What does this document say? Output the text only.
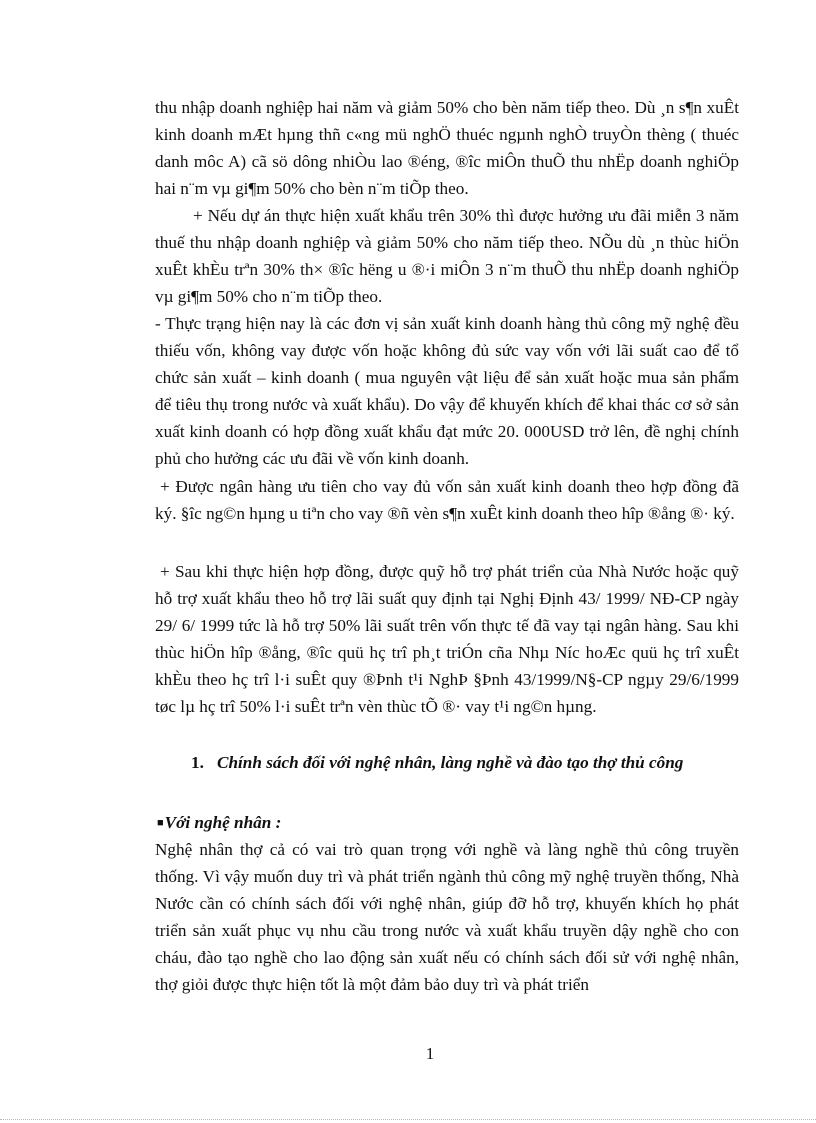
thu nhập doanh nghiệp hai năm và giảm 50% cho bèn năm tiếp theo. Dù ¸n s¶n xuÊt kinh doanh mÆt hµng thñ c«ng mü nghÖ thuéc ngµnh nghÒ truyÒn thèng ( thuéc danh môc A) cã sö dông nhiÒu lao ®éng, ®îc miÔn thuÕ thu nhËp doanh nghiÖp hai n¨m vµ gi¶m 50% cho bèn n¨m tiÕp theo.

+ Nếu dự án thực hiện xuất khẩu trên 30% thì được hưởng ưu đãi miễn 3 năm thuế thu nhập doanh nghiệp và giảm 50% cho năm tiếp theo. NÕu dù ¸n thùc hiÖn xuÊt khÈu trªn 30% th× ®îc hëng u ®·i miÔn 3 n¨m thuÕ thu nhËp doanh nghiÖp vµ gi¶m 50% cho n¨m tiÕp theo.

- Thực trạng hiện nay là các đơn vị sản xuất kinh doanh hàng thủ công mỹ nghệ đều thiếu vốn, không vay được vốn hoặc không đủ sức vay vốn với lãi suất cao để tổ chức sản xuất – kinh doanh ( mua nguyên vật liệu để sản xuất hoặc mua sản phẩm để tiêu thụ trong nước và xuất khẩu). Do vậy để khuyến khích để khai thác cơ sở sản xuất kinh doanh có hợp đồng xuất khẩu đạt mức 20. 000USD trở lên, đề nghị chính phủ cho hưởng các ưu đãi về vốn kinh doanh.

+ Được ngân hàng ưu tiên cho vay đủ vốn sản xuất kinh doanh theo hợp đồng đã ký. §îc ng©n hµng u tiªn cho vay ®ñ vèn s¶n xuÊt kinh doanh theo hîp ®ång ®· ký.

+ Sau khi thực hiện hợp đồng, được quỹ hỗ trợ phát triển của Nhà Nước hoặc quỹ hỗ trợ xuất khẩu theo hỗ trợ lãi suất quy định tại Nghị Định 43/ 1999/ NĐ-CP ngày 29/ 6/ 1999 tức là hỗ trợ 50% lãi suất trên vốn thực tế đã vay tại ngân hàng. Sau khi thùc hiÖn hîp ®ång, ®îc quü hç trî ph¸t triÓn cña Nhµ Níc hoÆc quü hç trî xuÊt khÈu theo hç trî l·i suÊt quy ®Þnh t¹i NghÞ §Þnh 43/1999/N§-CP ngµy 29/6/1999 tøc lµ hç trî 50% l·i suÊt trªn vèn thùc tÕ ®· vay t¹i ng©n hµng.

1. Chính sách đối với nghệ nhân, làng nghề và đào tạo thợ thủ công
■Với nghệ nhân :

Nghệ nhân thợ cả có vai trò quan trọng với nghề và làng nghề thủ công truyền thống. Vì vậy muốn duy trì và phát triển ngành thủ công mỹ nghệ truyền thống, Nhà Nước cần có chính sách đối với nghệ nhân, giúp đỡ hỗ trợ, khuyến khích họ phát triển sản xuất phục vụ nhu cầu trong nước và xuất khẩu truyền dậy nghề cho con cháu, đào tạo nghề cho lao động sản xuất nếu có chính sách đối sử với nghệ nhân, thợ giỏi được thực hiện tốt là một đảm bảo duy trì và phát triển

1
